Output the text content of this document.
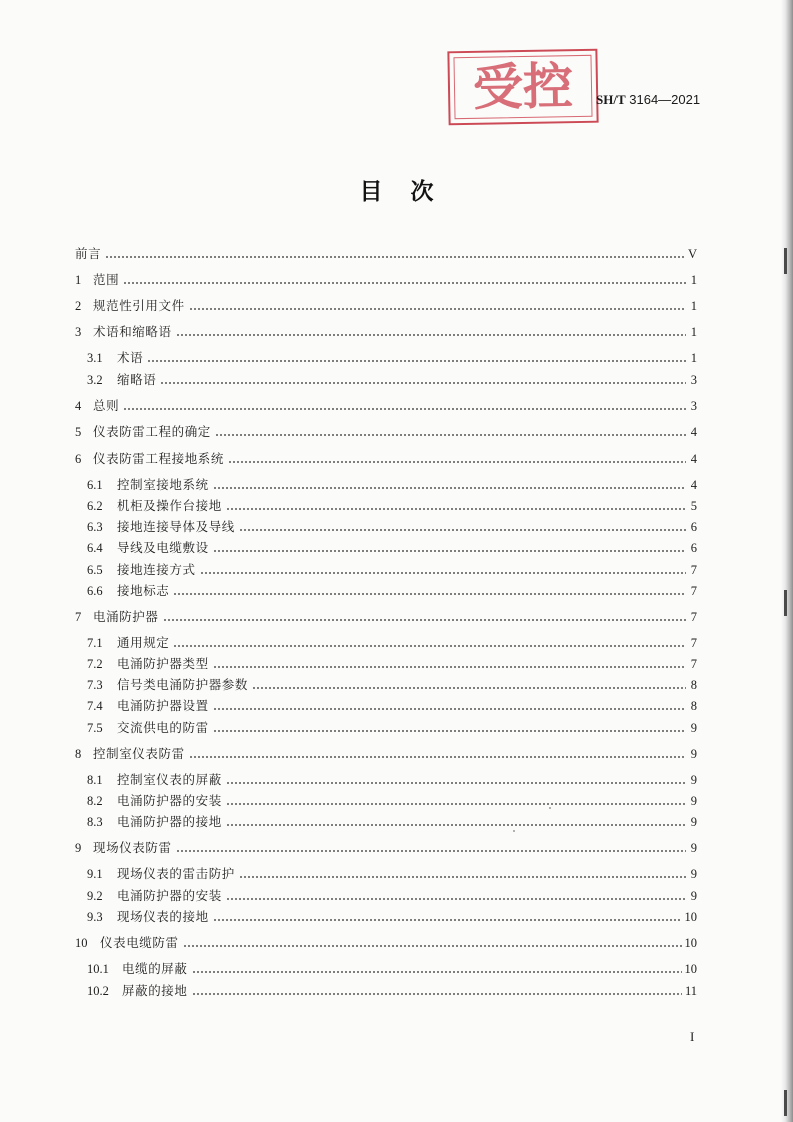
受控	SH/T 3164—2021
目次
前言	V
1 范围	1
2 规范性引用文件	1
3 术语和缩略语	1
3.1	术语	1
3.2	缩略语	3
4 总则	3
5 仪表防雷工程的确定	4
6 仪表防雷工程接地系统	4
6.1	控制室接地系统	4
6.2	机柜及操作台接地	5
6.3	接地连接导体及导线	6
6.4	导线及电缆敷设	6
6.5	接地连接方式	7
6.6	接地标志	7
7 电涌防护器	7
7.1	通用规定	7
7.2	电涌防护器类型	7
7.3	信号类电涌防护器参数	8
7.4	电涌防护器设置	8
7.5	交流供电的防雷	9
8 控制室仪表防雷	9
8.1	控制室仪表的屏蔽	9
8.2	电涌防护器的安装	9
8.3	电涌防护器的接地	9
9 现场仪表防雷	9
9.1	现场仪表的雷击防护	9
9.2	电涌防护器的安装	9
9.3	现场仪表的接地	10
10	仪表电缆防雷	10
10.1	电缆的屏蔽	10
10.2	屏蔽的接地	11
I
